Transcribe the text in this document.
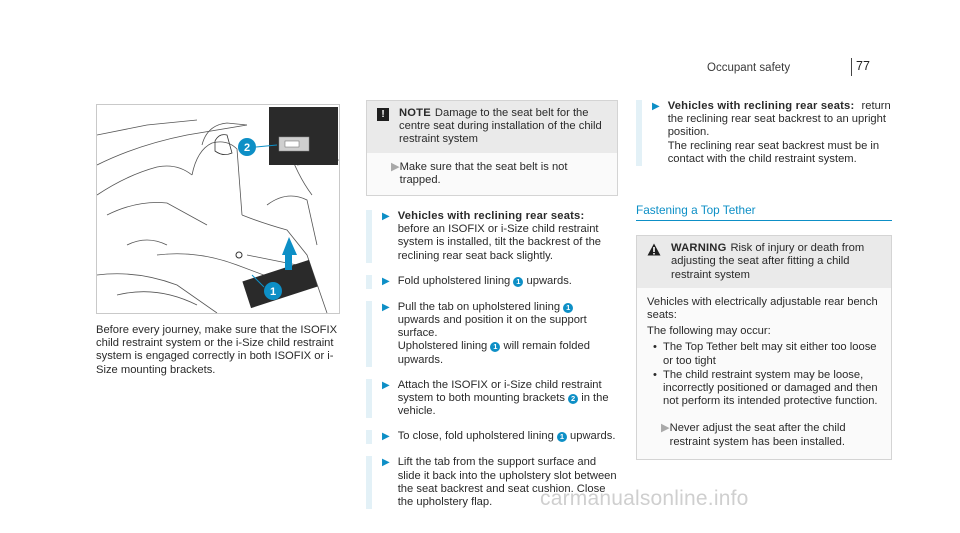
Occupant safety	77
2
1
Before every journey, make sure that the ISOFIX child restraint system or the i-Size child restraint system is engaged correctly in both ISOFIX or i-Size mounting brackets.
!	NOTE Damage to the seat belt for the centre seat during installation of the child restraint system
▶ Make sure that the seat belt is not trapped.
▶ Vehicles with reclining rear seats: before an ISOFIX or i-Size child restraint system is installed, tilt the backrest of the reclining rear seat back slightly.
▶ Fold upholstered lining 1 upwards.
▶ Pull the tab on upholstered lining 1 upwards and position it on the support surface.
Upholstered lining 1 will remain folded upwards.
▶ Attach the ISOFIX or i-Size child restraint system to both mounting brackets 2 in the vehicle.
▶ To close, fold upholstered lining 1 upwards.
▶ Lift the tab from the support surface and slide it back into the upholstery slot between the seat backrest and seat cushion. Close the upholstery flap.
▶ Vehicles with reclining rear seats: return the reclining rear seat backrest to an upright position.
The reclining rear seat backrest must be in contact with the child restraint system.
Fastening a Top Tether
WARNING Risk of injury or death from adjusting the seat after fitting a child restraint system
Vehicles with electrically adjustable rear bench seats:
The following may occur:
• The Top Tether belt may sit either too loose or too tight
• The child restraint system may be loose, incorrectly positioned or damaged and then not perform its intended protective function.
▶ Never adjust the seat after the child restraint system has been installed.
carmanualsonline.info
